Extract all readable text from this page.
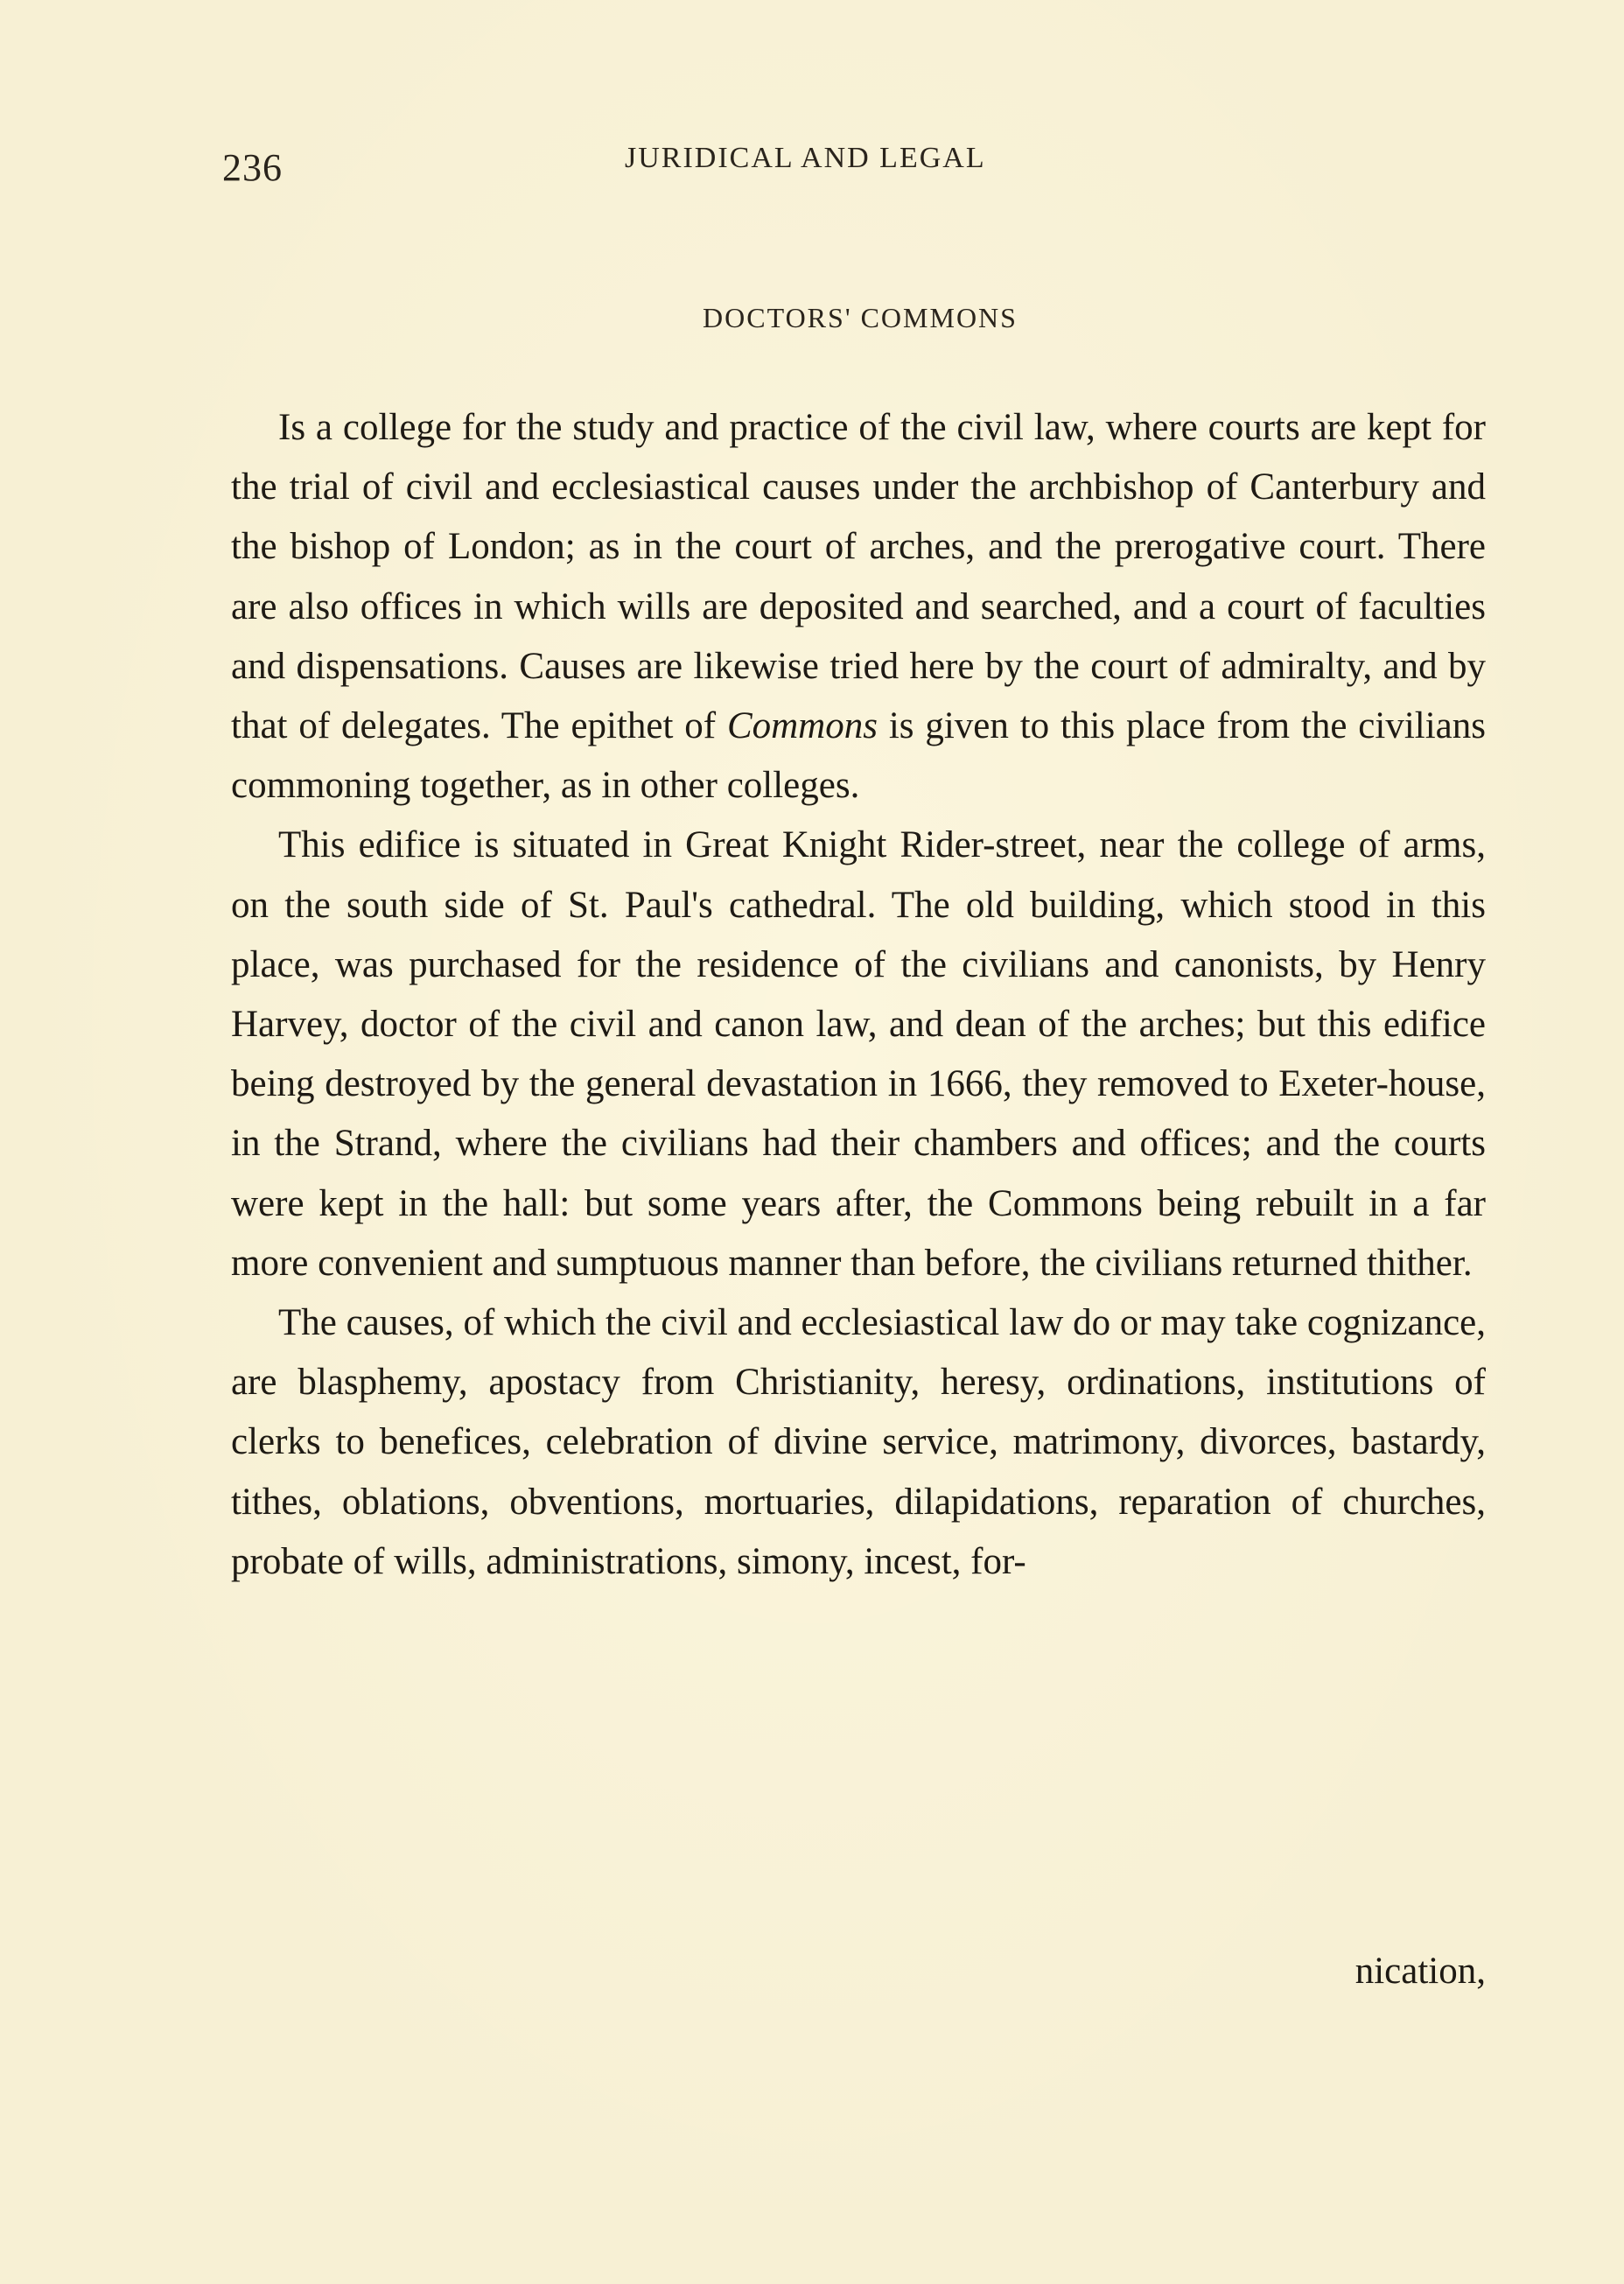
236	JURIDICAL AND LEGAL
DOCTORS' COMMONS

Is a college for the study and practice of the civil law, where courts are kept for the trial of civil and ecclesiastical causes under the archbishop of Canterbury and the bishop of London; as in the court of arches, and the prerogative court. There are also offices in which wills are deposited and searched, and a court of faculties and dispensations. Causes are likewise tried here by the court of admiralty, and by that of delegates. The epithet of Commons is given to this place from the civilians commoning together, as in other colleges.

This edifice is situated in Great Knight Rider-street, near the college of arms, on the south side of St. Paul's cathedral. The old building, which stood in this place, was purchased for the residence of the civilians and canonists, by Henry Harvey, doctor of the civil and canon law, and dean of the arches; but this edifice being destroyed by the general devastation in 1666, they removed to Exeter-house, in the Strand, where the civilians had their chambers and offices; and the courts were kept in the hall: but some years after, the Commons being rebuilt in a far more convenient and sumptuous manner than before, the civilians returned thither.

The causes, of which the civil and ecclesiastical law do or may take cognizance, are blasphemy, apostacy from Christianity, heresy, ordinations, institutions of clerks to benefices, celebration of divine service, matrimony, divorces, bastardy, tithes, oblations, obventions, mortuaries, dilapidations, reparation of churches, probate of wills, administrations, simony, incest, for-

nication,
